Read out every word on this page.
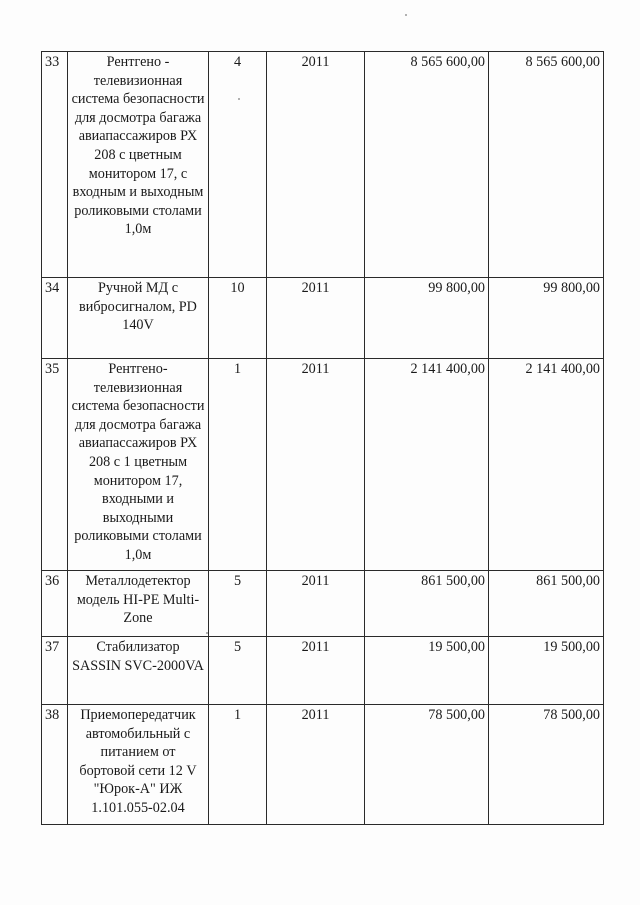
33	Рентгено - телевизионная система безопасности для досмотра багажа авиапассажиров РХ 208 с цветным монитором 17, с входным и выходным роликовыми столами 1,0м	4	2011	8 565 600,00	8 565 600,00
34	Ручной МД с вибросигналом, PD 140V	10	2011	99 800,00	99 800,00
35	Рентгено- телевизионная система безопасности для досмотра багажа авиапассажиров РХ 208 с 1 цветным монитором 17, входными и выходными роликовыми столами 1,0м	1	2011	2 141 400,00	2 141 400,00
36	Металлодетектор модель HI-PE Multi-Zone	5	2011	861 500,00	861 500,00
37	Стабилизатор SASSIN SVC-2000VA	5	2011	19 500,00	19 500,00
38	Приемопередатчик автомобильный с питанием от бортовой сети 12 V "Юрок-А" ИЖ 1.101.055-02.04	1	2011	78 500,00	78 500,00
